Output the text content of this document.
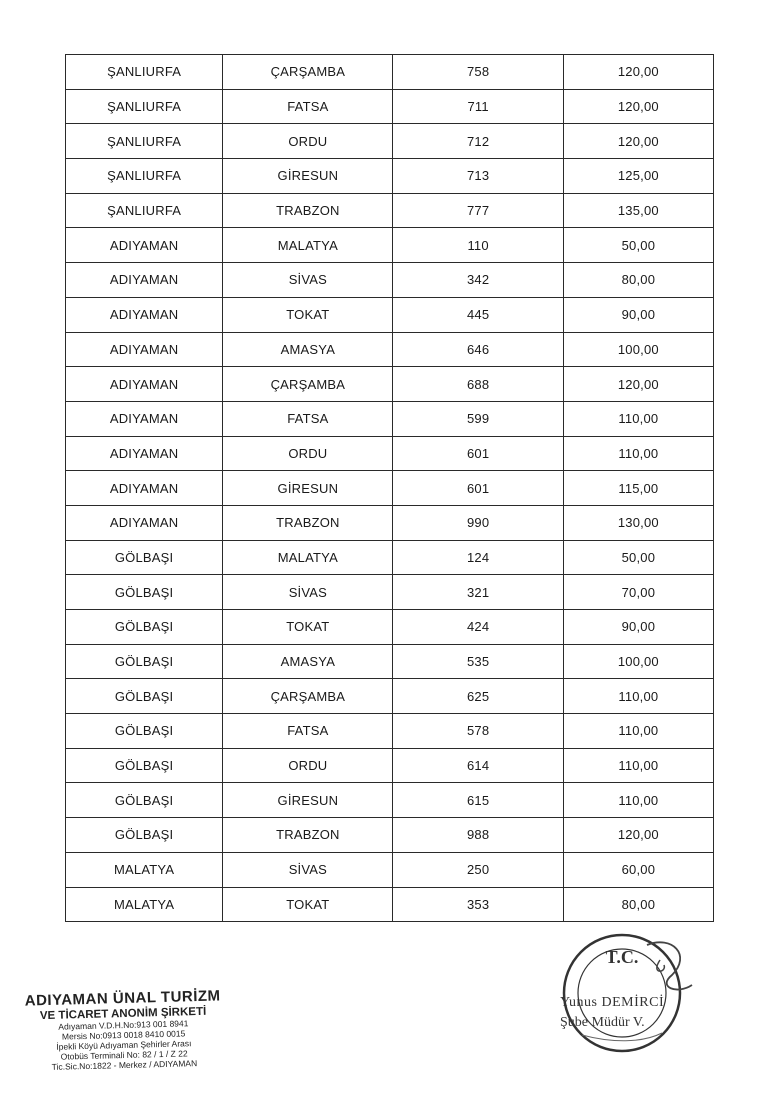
ŞANLIURFA	ÇARŞAMBA	758	120,00
ŞANLIURFA	FATSA	711	120,00
ŞANLIURFA	ORDU	712	120,00
ŞANLIURFA	GİRESUN	713	125,00
ŞANLIURFA	TRABZON	777	135,00
ADIYAMAN	MALATYA	110	50,00
ADIYAMAN	SİVAS	342	80,00
ADIYAMAN	TOKAT	445	90,00
ADIYAMAN	AMASYA	646	100,00
ADIYAMAN	ÇARŞAMBA	688	120,00
ADIYAMAN	FATSA	599	110,00
ADIYAMAN	ORDU	601	110,00
ADIYAMAN	GİRESUN	601	115,00
ADIYAMAN	TRABZON	990	130,00
GÖLBAŞI	MALATYA	124	50,00
GÖLBAŞI	SİVAS	321	70,00
GÖLBAŞI	TOKAT	424	90,00
GÖLBAŞI	AMASYA	535	100,00
GÖLBAŞI	ÇARŞAMBA	625	110,00
GÖLBAŞI	FATSA	578	110,00
GÖLBAŞI	ORDU	614	110,00
GÖLBAŞI	GİRESUN	615	110,00
GÖLBAŞI	TRABZON	988	120,00
MALATYA	SİVAS	250	60,00
MALATYA	TOKAT	353	80,00
ADIYAMAN ÜNAL TURİZM
VE TİCARET ANONİM ŞİRKETİ
Adıyaman V.D.H.No:913 001 8941
Mersis No:0913 0018 8410 0015
İpekli Köyü Adıyaman Şehirler Arası
Otobüs Terminali No: 82 / 1 / Z 22
Tic.Sic.No:1822 - Merkez / ADIYAMAN
T.C.
Yunus DEMİRCİ
Şube Müdür V.
